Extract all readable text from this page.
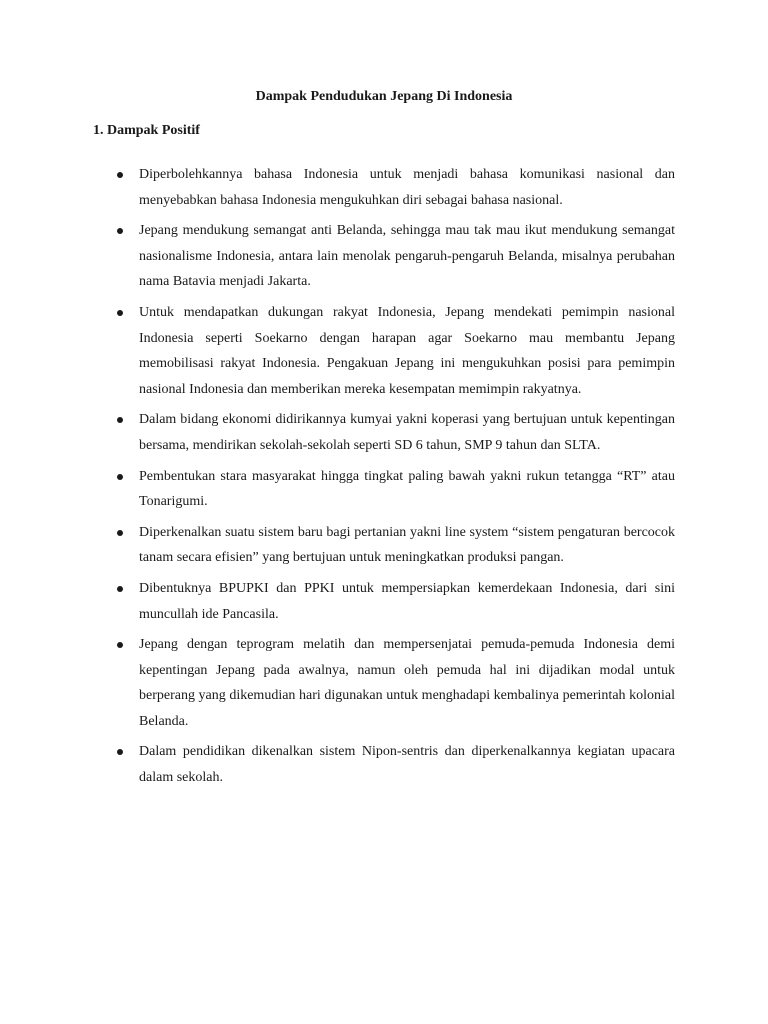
Dampak Pendudukan Jepang Di Indonesia
1. Dampak Positif
Diperbolehkannya bahasa Indonesia untuk menjadi bahasa komunikasi nasional dan menyebabkan bahasa Indonesia mengukuhkan diri sebagai bahasa nasional.
Jepang mendukung semangat anti Belanda, sehingga mau tak mau ikut mendukung semangat nasionalisme Indonesia, antara lain menolak pengaruh-pengaruh Belanda, misalnya perubahan nama Batavia menjadi Jakarta.
Untuk mendapatkan dukungan rakyat Indonesia, Jepang mendekati pemimpin nasional Indonesia seperti Soekarno dengan harapan agar Soekarno mau membantu Jepang memobilisasi rakyat Indonesia. Pengakuan Jepang ini mengukuhkan posisi para pemimpin nasional Indonesia dan memberikan mereka kesempatan memimpin rakyatnya.
Dalam bidang ekonomi didirikannya kumyai yakni koperasi yang bertujuan untuk kepentingan bersama, mendirikan sekolah-sekolah seperti SD 6 tahun, SMP 9 tahun dan SLTA.
Pembentukan stara masyarakat hingga tingkat paling bawah yakni rukun tetangga “RT” atau Tonarigumi.
Diperkenalkan suatu sistem baru bagi pertanian yakni line system “sistem pengaturan bercocok tanam secara efisien” yang bertujuan untuk meningkatkan produksi pangan.
Dibentuknya BPUPKI dan PPKI untuk mempersiapkan kemerdekaan Indonesia, dari sini muncullah ide Pancasila.
Jepang dengan teprogram melatih dan mempersenjatai pemuda-pemuda Indonesia demi kepentingan Jepang pada awalnya, namun oleh pemuda hal ini dijadikan modal untuk berperang yang dikemudian hari digunakan untuk menghadapi kembalinya pemerintah kolonial Belanda.
Dalam pendidikan dikenalkan sistem Nipon-sentris dan diperkenalkannya kegiatan upacara dalam sekolah.
